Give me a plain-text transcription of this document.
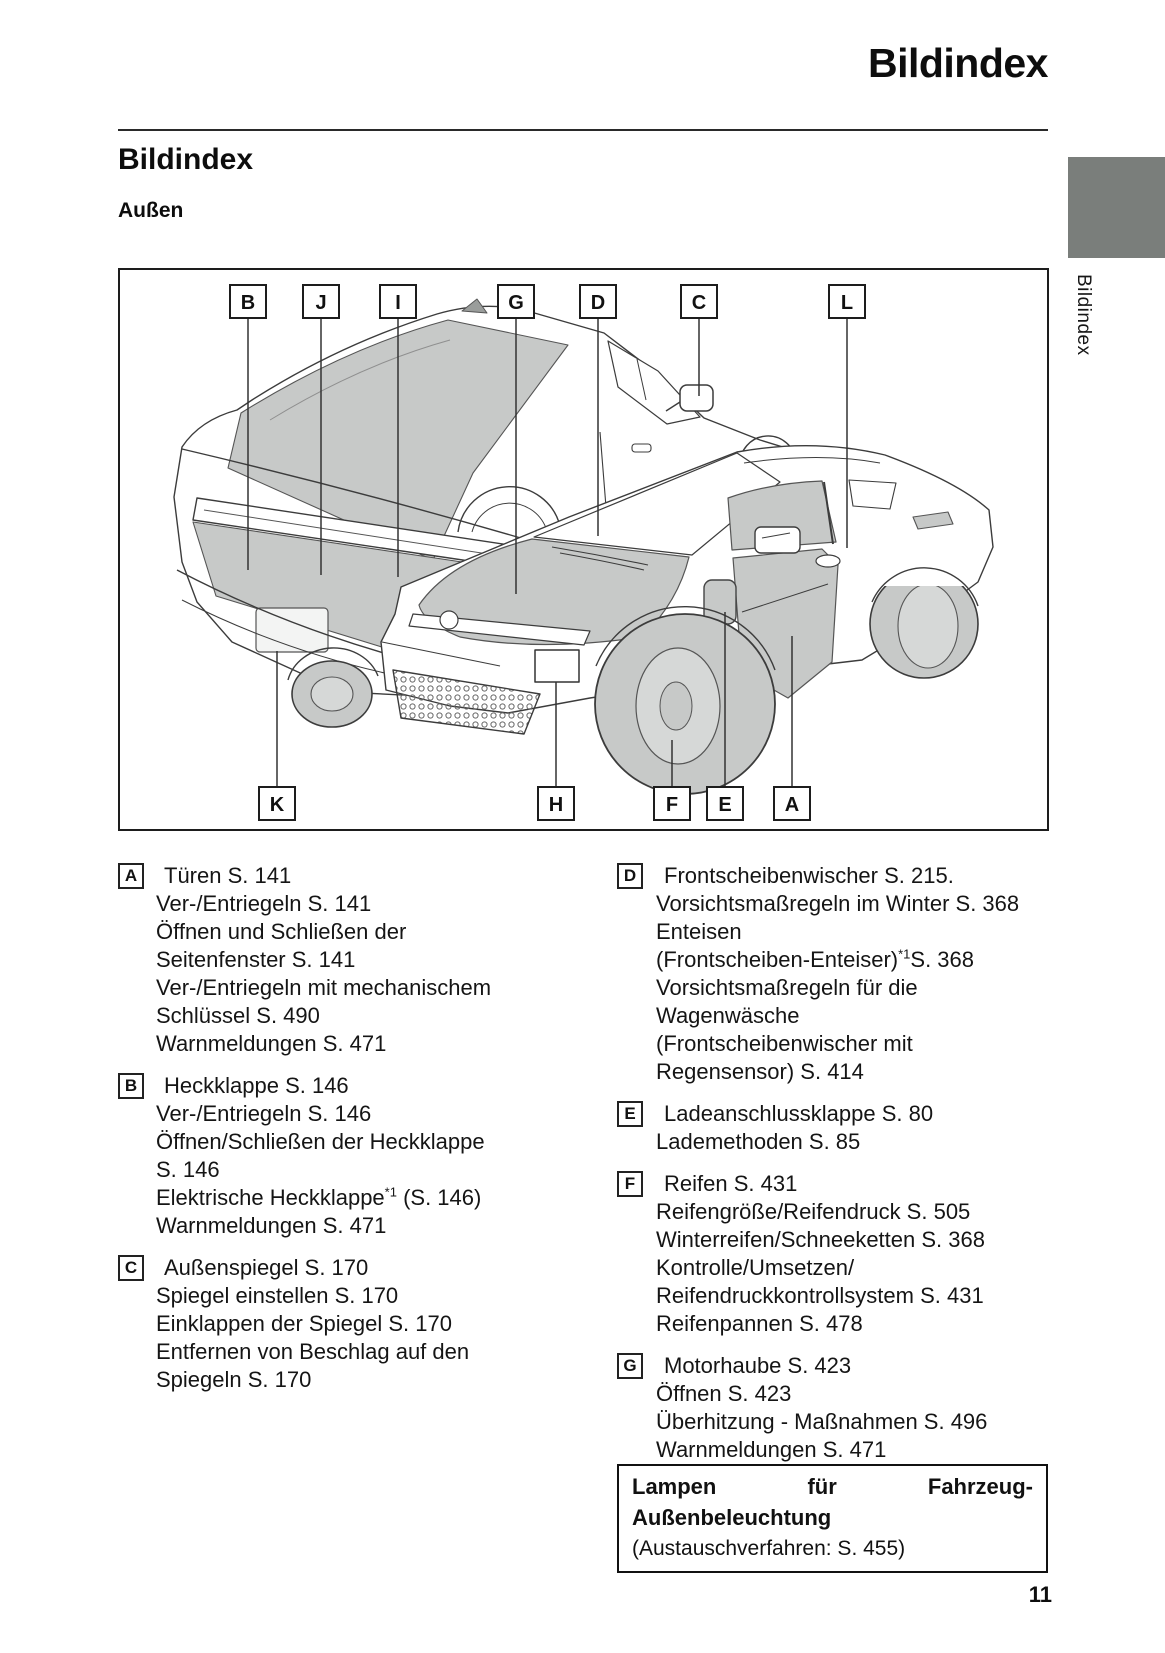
Bildindex
Bildindex
Außen
Bildindex
B	J	I	G	D	C	L
K	H	F E	A
A	Türen S. 141
Ver-/Entriegeln S. 141
Öffnen und Schließen der
Seitenfenster S. 141
Ver-/Entriegeln mit mechanischem
Schlüssel S. 490
Warnmeldungen S. 471
B	Heckklappe S. 146
Ver-/Entriegeln S. 146
Öffnen/Schließen der Heckklappe
S. 146
Elektrische Heckklappe$^{*1}$ (S. 146)
Warnmeldungen S. 471
C	Außenspiegel S. 170
Spiegel einstellen S. 170
Einklappen der Spiegel S. 170
Entfernen von Beschlag auf den
Spiegeln S. 170
D	Frontscheibenwischer S. 215.
Vorsichtsmaßregeln im Winter S. 368
Enteisen
(Frontscheiben-Enteiser)$^{*1}$S. 368
Vorsichtsmaßregeln für die
Wagenwäsche
(Frontscheibenwischer mit
Regensensor) S. 414
E	Ladeanschlussklappe S. 80
Lademethoden S. 85
F	Reifen S. 431
Reifengröße/Reifendruck S. 505
Winterreifen/Schneeketten S. 368
Kontrolle/Umsetzen/
Reifendruckkontrollsystem S. 431
Reifenpannen S. 478
G	Motorhaube S. 423
Öffnen S. 423
Überhitzung - Maßnahmen S. 496
Warnmeldungen S. 471
Lampen für Fahrzeug-
Außenbeleuchtung
(Austauschverfahren: S. 455)
11
